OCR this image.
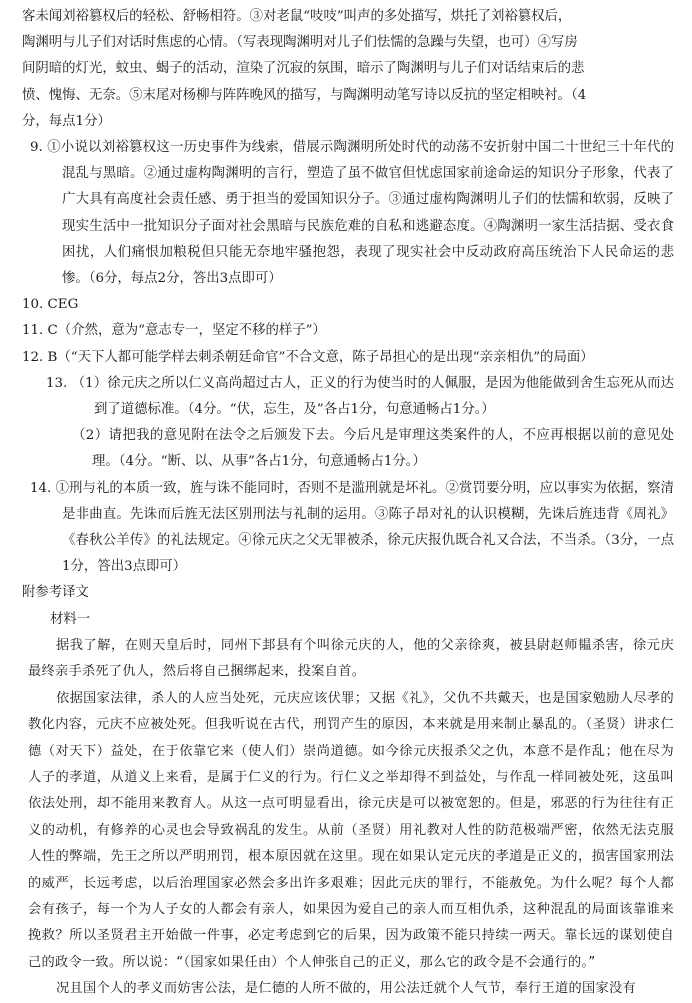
客未闻刘裕篡权后的轻松、舒畅相符。③对老鼠“吱吱”叫声的多处描写，烘托了刘裕篡权后，

陶渊明与儿子们对话时焦虑的心情。（写表现陶渊明对儿子们怯懦的急躁与失望，也可）④写房

间阴暗的灯光，蚊虫、蝎子的活动，渲染了沉寂的氛围，暗示了陶渊明与儿子们对话结束后的悲

愤、愧悔、无奈。⑤末尾对杨柳与阵阵晚风的描写，与陶渊明动笔写诗以反抗的坚定相映衬。（4

分，每点1分）

9. ①小说以刘裕篡权这一历史事件为线索，借展示陶渊明所处时代的动荡不安折射中国二十世纪三十年代的混乱与黑暗。②通过虚构陶渊明的言行，塑造了虽不做官但忧虑国家前途命运的知识分子形象，代表了广大具有高度社会责任感、勇于担当的爱国知识分子。③通过虚构陶渊明儿子们的怯懦和软弱，反映了现实生活中一批知识分子面对社会黑暗与民族危难的自私和逃避态度。④陶渊明一家生活拮据、受衣食困扰，人们痛恨加粮税但只能无奈地牢骚抱怨，表现了现实社会中反动政府高压统治下人民命运的悲惨。（6分，每点2分，答出3点即可）

10. CEG

11. C（介然，意为“意志专一，坚定不移的样子”）

12. B（“天下人都可能学样去刺杀朝廷命官”不合文意，陈子昂担心的是出现“亲亲相仇”的局面）

13. （1）徐元庆之所以仁义高尚超过古人，正义的行为使当时的人佩服，是因为他能做到舍生忘死从而达到了道德标准。（4分。“伏，忘生，及”各占1分，句意通畅占1分。）

（2）请把我的意见附在法令之后颁发下去。今后凡是审理这类案件的人，不应再根据以前的意见处理。（4分。“断、以、从事”各占1分，句意通畅占1分。）

14. ①刑与礼的本质一致，旌与诛不能同时，否则不是滥刑就是坏礼。②赏罚要分明，应以事实为依据，察清是非曲直。先诛而后旌无法区别刑法与礼制的运用。③陈子昂对礼的认识模糊，先诛后旌违背《周礼》《春秋公羊传》的礼法规定。④徐元庆之父无罪被杀，徐元庆报仇既合礼又合法，不当杀。（3分，一点1分，答出3点即可）

附参考译文

材料一

据我了解，在则天皇后时，同州下邽县有个叫徐元庆的人，他的父亲徐爽，被县尉赵师韫杀害，徐元庆最终亲手杀死了仇人，然后将自己捆绑起来，投案自首。

依据国家法律，杀人的人应当处死，元庆应该伏罪；又据《礼》，父仇不共戴天，也是国家勉励人尽孝的教化内容，元庆不应被处死。但我听说在古代，刑罚产生的原因，本来就是用来制止暴乱的。（圣贤）讲求仁德（对天下）益处，在于依靠它来（使人们）崇尚道德。如今徐元庆报杀父之仇，本意不是作乱；他在尽为人子的孝道，从道义上来看，是属于仁义的行为。行仁义之举却得不到益处，与作乱一样同被处死，这虽叫依法处刑，却不能用来教育人。从这一点可明显看出，徐元庆是可以被宽恕的。但是，邪恶的行为往往有正义的动机，有修养的心灵也会导致祸乱的发生。从前（圣贤）用礼教对人性的防范极端严密，依然无法克服人性的弊端，先王之所以严明刑罚，根本原因就在这里。现在如果认定元庆的孝道是正义的，损害国家刑法的威严，长远考虑，以后治理国家必然会多出许多艰难；因此元庆的罪行，不能赦免。为什么呢？每个人都会有孩子，每一个为人子女的人都会有亲人，如果因为爱自己的亲人而互相仇杀，这种混乱的局面该靠谁来挽救？所以圣贤君主开始做一件事，必定考虑到它的后果，因为政策不能只持续一两天。靠长远的谋划使自己的政令一致。所以说：“（国家如果任由）个人伸张自己的正义，那么它的政令是不会通行的。”

况且国个人的孝义而妨害公法，是仁德的人所不做的，用公法迁就个人气节，奉行王道的国家没有
